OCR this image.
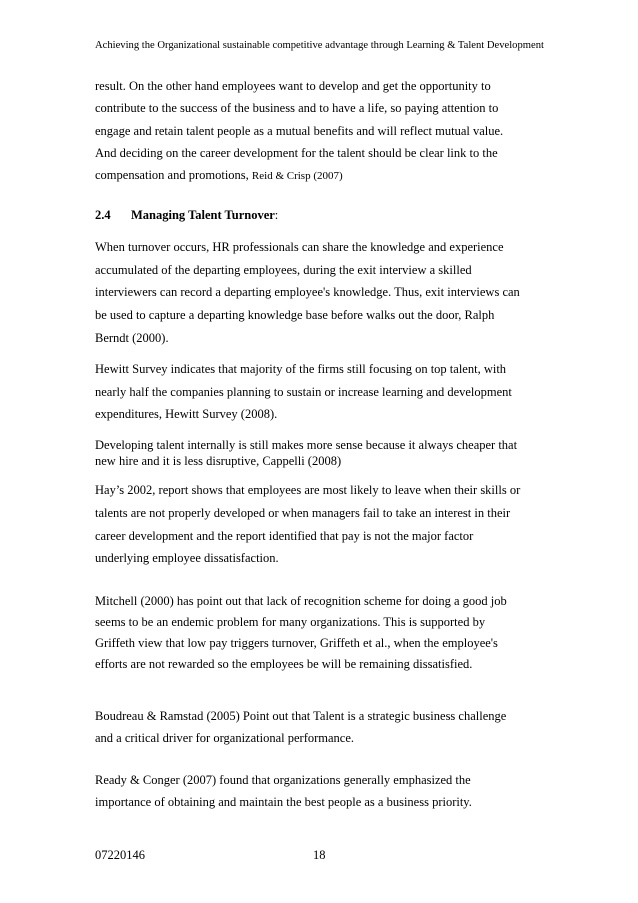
Achieving the Organizational sustainable competitive advantage through Learning & Talent Development
result. On the other hand employees want to develop and get the opportunity to
contribute to the success of the business and to have a life, so paying attention to
engage and retain talent people as a mutual benefits and will reflect mutual value.
And deciding on the career development for the talent should be clear link to the
compensation and promotions, Reid & Crisp (2007)
2.4 Managing Talent Turnover:
When turnover occurs, HR professionals can share the knowledge and experience
accumulated of the departing employees, during the exit interview a skilled
interviewers can record a departing employee's knowledge. Thus, exit interviews can
be used to capture a departing knowledge base before walks out the door, Ralph
Berndt (2000).
Hewitt Survey indicates that majority of the firms still focusing on top talent, with
nearly half the companies planning to sustain or increase learning and development
expenditures, Hewitt Survey (2008).
Developing talent internally is still makes more sense because it always cheaper that
new hire and it is less disruptive, Cappelli (2008)
Hay’s 2002, report shows that employees are most likely to leave when their skills or
talents are not properly developed or when managers fail to take an interest in their
career development and the report identified that pay is not the major factor
underlying employee dissatisfaction.
Mitchell (2000) has point out that lack of recognition scheme for doing a good job
seems to be an endemic problem for many organizations. This is supported by
Griffeth view that low pay triggers turnover, Griffeth et al., when the employee's
efforts are not rewarded so the employees be will be remaining dissatisfied.
Boudreau & Ramstad (2005) Point out that Talent is a strategic business challenge
and a critical driver for organizational performance.
Ready & Conger (2007) found that organizations generally emphasized the
importance of obtaining and maintain the best people as a business priority.
07220146	18
